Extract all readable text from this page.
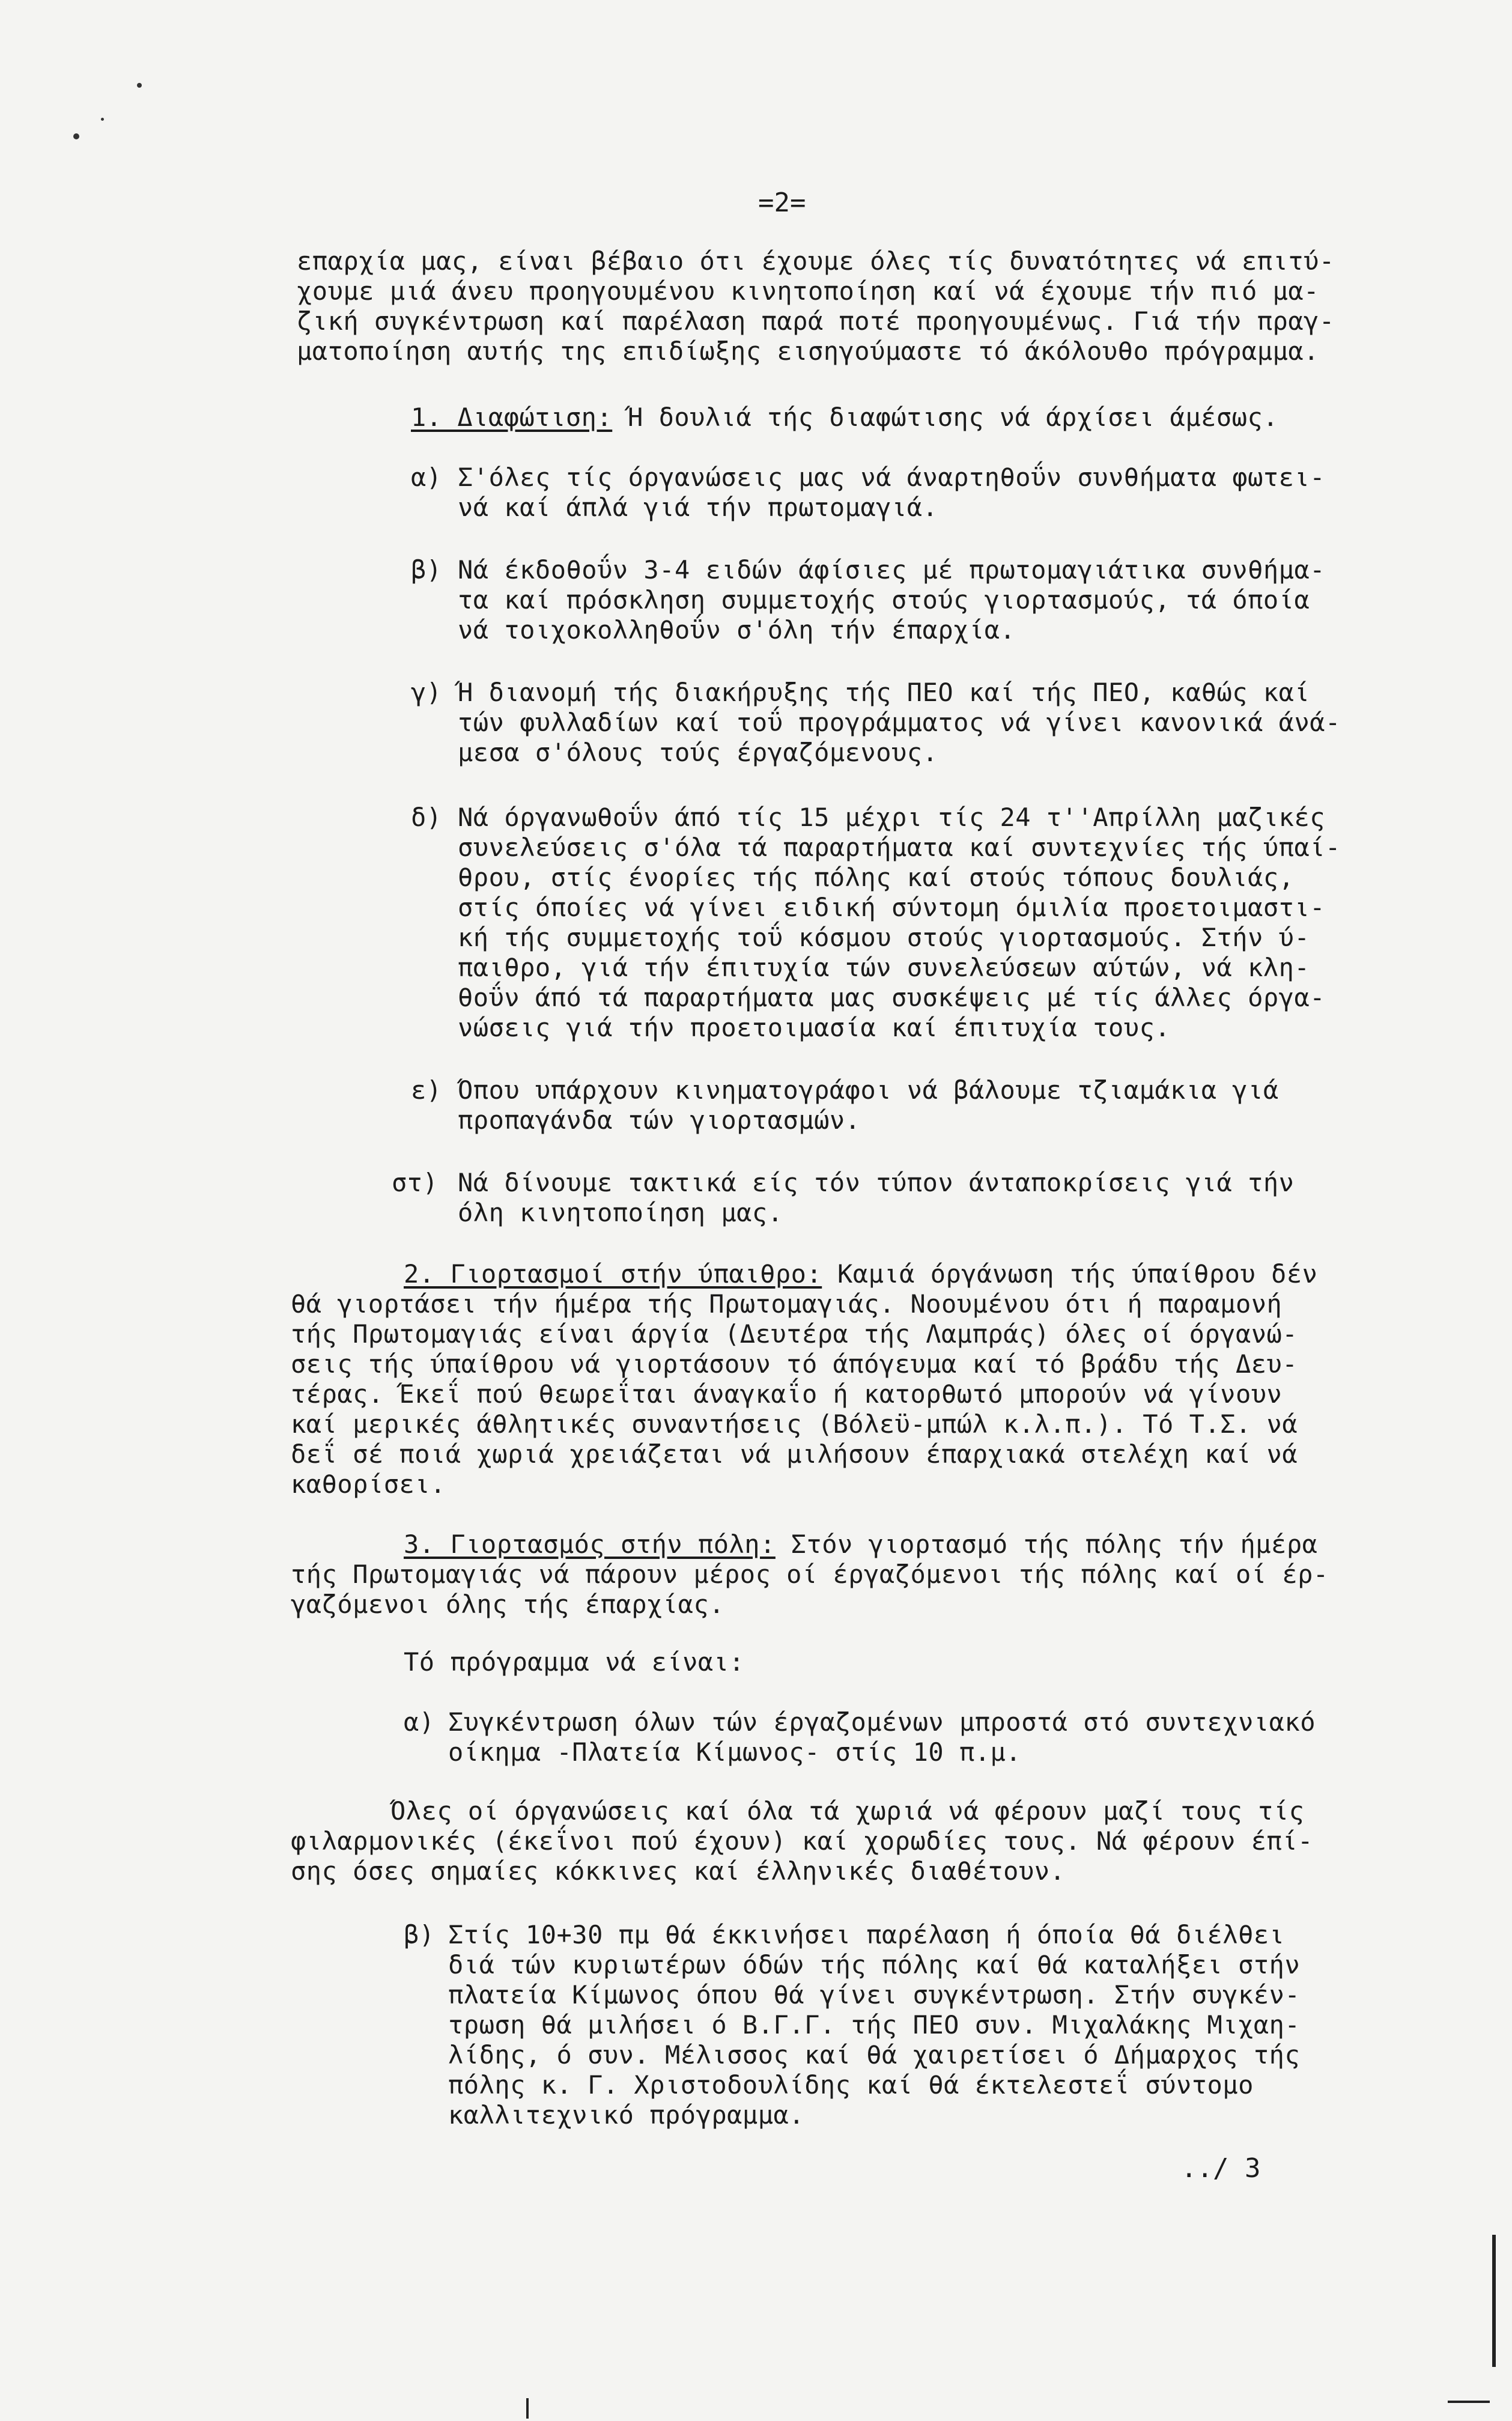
=2=
επαρχία μας, είναι βέβαιο ότι έχουμε όλες τίς δυνατότητες νά επιτύ-
χουμε μιά άνευ προηγουμένου κινητοποίηση καί νά έχουμε τήν πιό μα-
ζική συγκέντρωση καί παρέλαση παρά ποτέ προηγουμένως. Γιά τήν πραγ-
ματοποίηση αυτής της επιδίωξης εισηγούμαστε τό άκόλουθο πρόγραμμα.
1. Διαφώτιση: Ή δουλιά τής διαφώτισης νά άρχίσει άμέσως.
α) Σ'όλες τίς όργανώσεις μας νά άναρτηθοΰν συνθήματα φωτει-
νά καί άπλά γιά τήν πρωτομαγιά.
β) Νά έκδοθοΰν 3-4 ειδών άφίσιες μέ πρωτομαγιάτικα συνθήμα-
τα καί πρόσκληση συμμετοχής στούς γιορτασμούς, τά όποία
νά τοιχοκολληθοΰν σ'όλη τήν έπαρχία.
γ) Ή διανομή τής διακήρυξης τής ΠΕΟ καί τής ΠΕΟ, καθώς καί
τών φυλλαδίων καί τοΰ προγράμματος νά γίνει κανονικά άνά-
μεσα σ'όλους τούς έργαζόμενους.
δ) Νά όργανωθοΰν άπό τίς 15 μέχρι τίς 24 τ''Απρίλλη μαζικές
συνελεύσεις σ'όλα τά παραρτήματα καί συντεχνίες τής ύπαί-
θρου, στίς ένορίες τής πόλης καί στούς τόπους δουλιάς,
στίς όποίες νά γίνει ειδική σύντομη όμιλία προετοιμαστι-
κή τής συμμετοχής τοΰ κόσμου στούς γιορτασμούς. Στήν ύ-
παιθρο, γιά τήν έπιτυχία τών συνελεύσεων αύτών, νά κλη-
θοΰν άπό τά παραρτήματα μας συσκέψεις μέ τίς άλλες όργα-
νώσεις γιά τήν προετοιμασία καί έπιτυχία τους.
ε) Όπου υπάρχουν κινηματογράφοι νά βάλουμε τζιαμάκια γιά
προπαγάνδα τών γιορτασμών.
στ) Νά δίνουμε τακτικά είς τόν τύπον άνταποκρίσεις γιά τήν
όλη κινητοποίηση μας.
2. Γιορτασμοί στήν ύπαιθρο: Καμιά όργάνωση τής ύπαίθρου δέν
θά γιορτάσει τήν ήμέρα τής Πρωτομαγιάς. Νοουμένου ότι ή παραμονή
τής Πρωτομαγιάς είναι άργία (Δευτέρα τής Λαμπράς) όλες οί όργανώ-
σεις τής ύπαίθρου νά γιορτάσουν τό άπόγευμα καί τό βράδυ τής Δευ-
τέρας. Έκεΐ πού θεωρεΐται άναγκαΐο ή κατορθωτό μπορούν νά γίνουν
καί μερικές άθλητικές συναντήσεις (Βόλεϋ-μπώλ κ.λ.π.). Τό Τ.Σ. νά
δεΐ σέ ποιά χωριά χρειάζεται νά μιλήσουν έπαρχιακά στελέχη καί νά
καθορίσει.
3. Γιορτασμός στήν πόλη: Στόν γιορτασμό τής πόλης τήν ήμέρα
τής Πρωτομαγιάς νά πάρουν μέρος οί έργαζόμενοι τής πόλης καί οί έρ-
γαζόμενοι όλης τής έπαρχίας.
Τό πρόγραμμα νά είναι:
α) Συγκέντρωση όλων τών έργαζομένων μπροστά στό συντεχνιακό
οίκημα -Πλατεία Κίμωνος- στίς 10 π.μ.
Όλες οί όργανώσεις καί όλα τά χωριά νά φέρουν μαζί τους τίς
φιλαρμονικές (έκεΐνοι πού έχουν) καί χορωδίες τους. Νά φέρουν έπί-
σης όσες σημαίες κόκκινες καί έλληνικές διαθέτουν.
β) Στίς 10+30 πμ θά έκκινήσει παρέλαση ή όποία θά διέλθει
διά τών κυριωτέρων όδών τής πόλης καί θά καταλήξει στήν
πλατεία Κίμωνος όπου θά γίνει συγκέντρωση. Στήν συγκέν-
τρωση θά μιλήσει ό Β.Γ.Γ. τής ΠΕΟ συν. Μιχαλάκης Μιχαη-
λίδης, ό συν. Μέλισσος καί θά χαιρετίσει ό Δήμαρχος τής
πόλης κ. Γ. Χριστοδουλίδης καί θά έκτελεστεΐ σύντομο
καλλιτεχνικό πρόγραμμα.
../ 3
